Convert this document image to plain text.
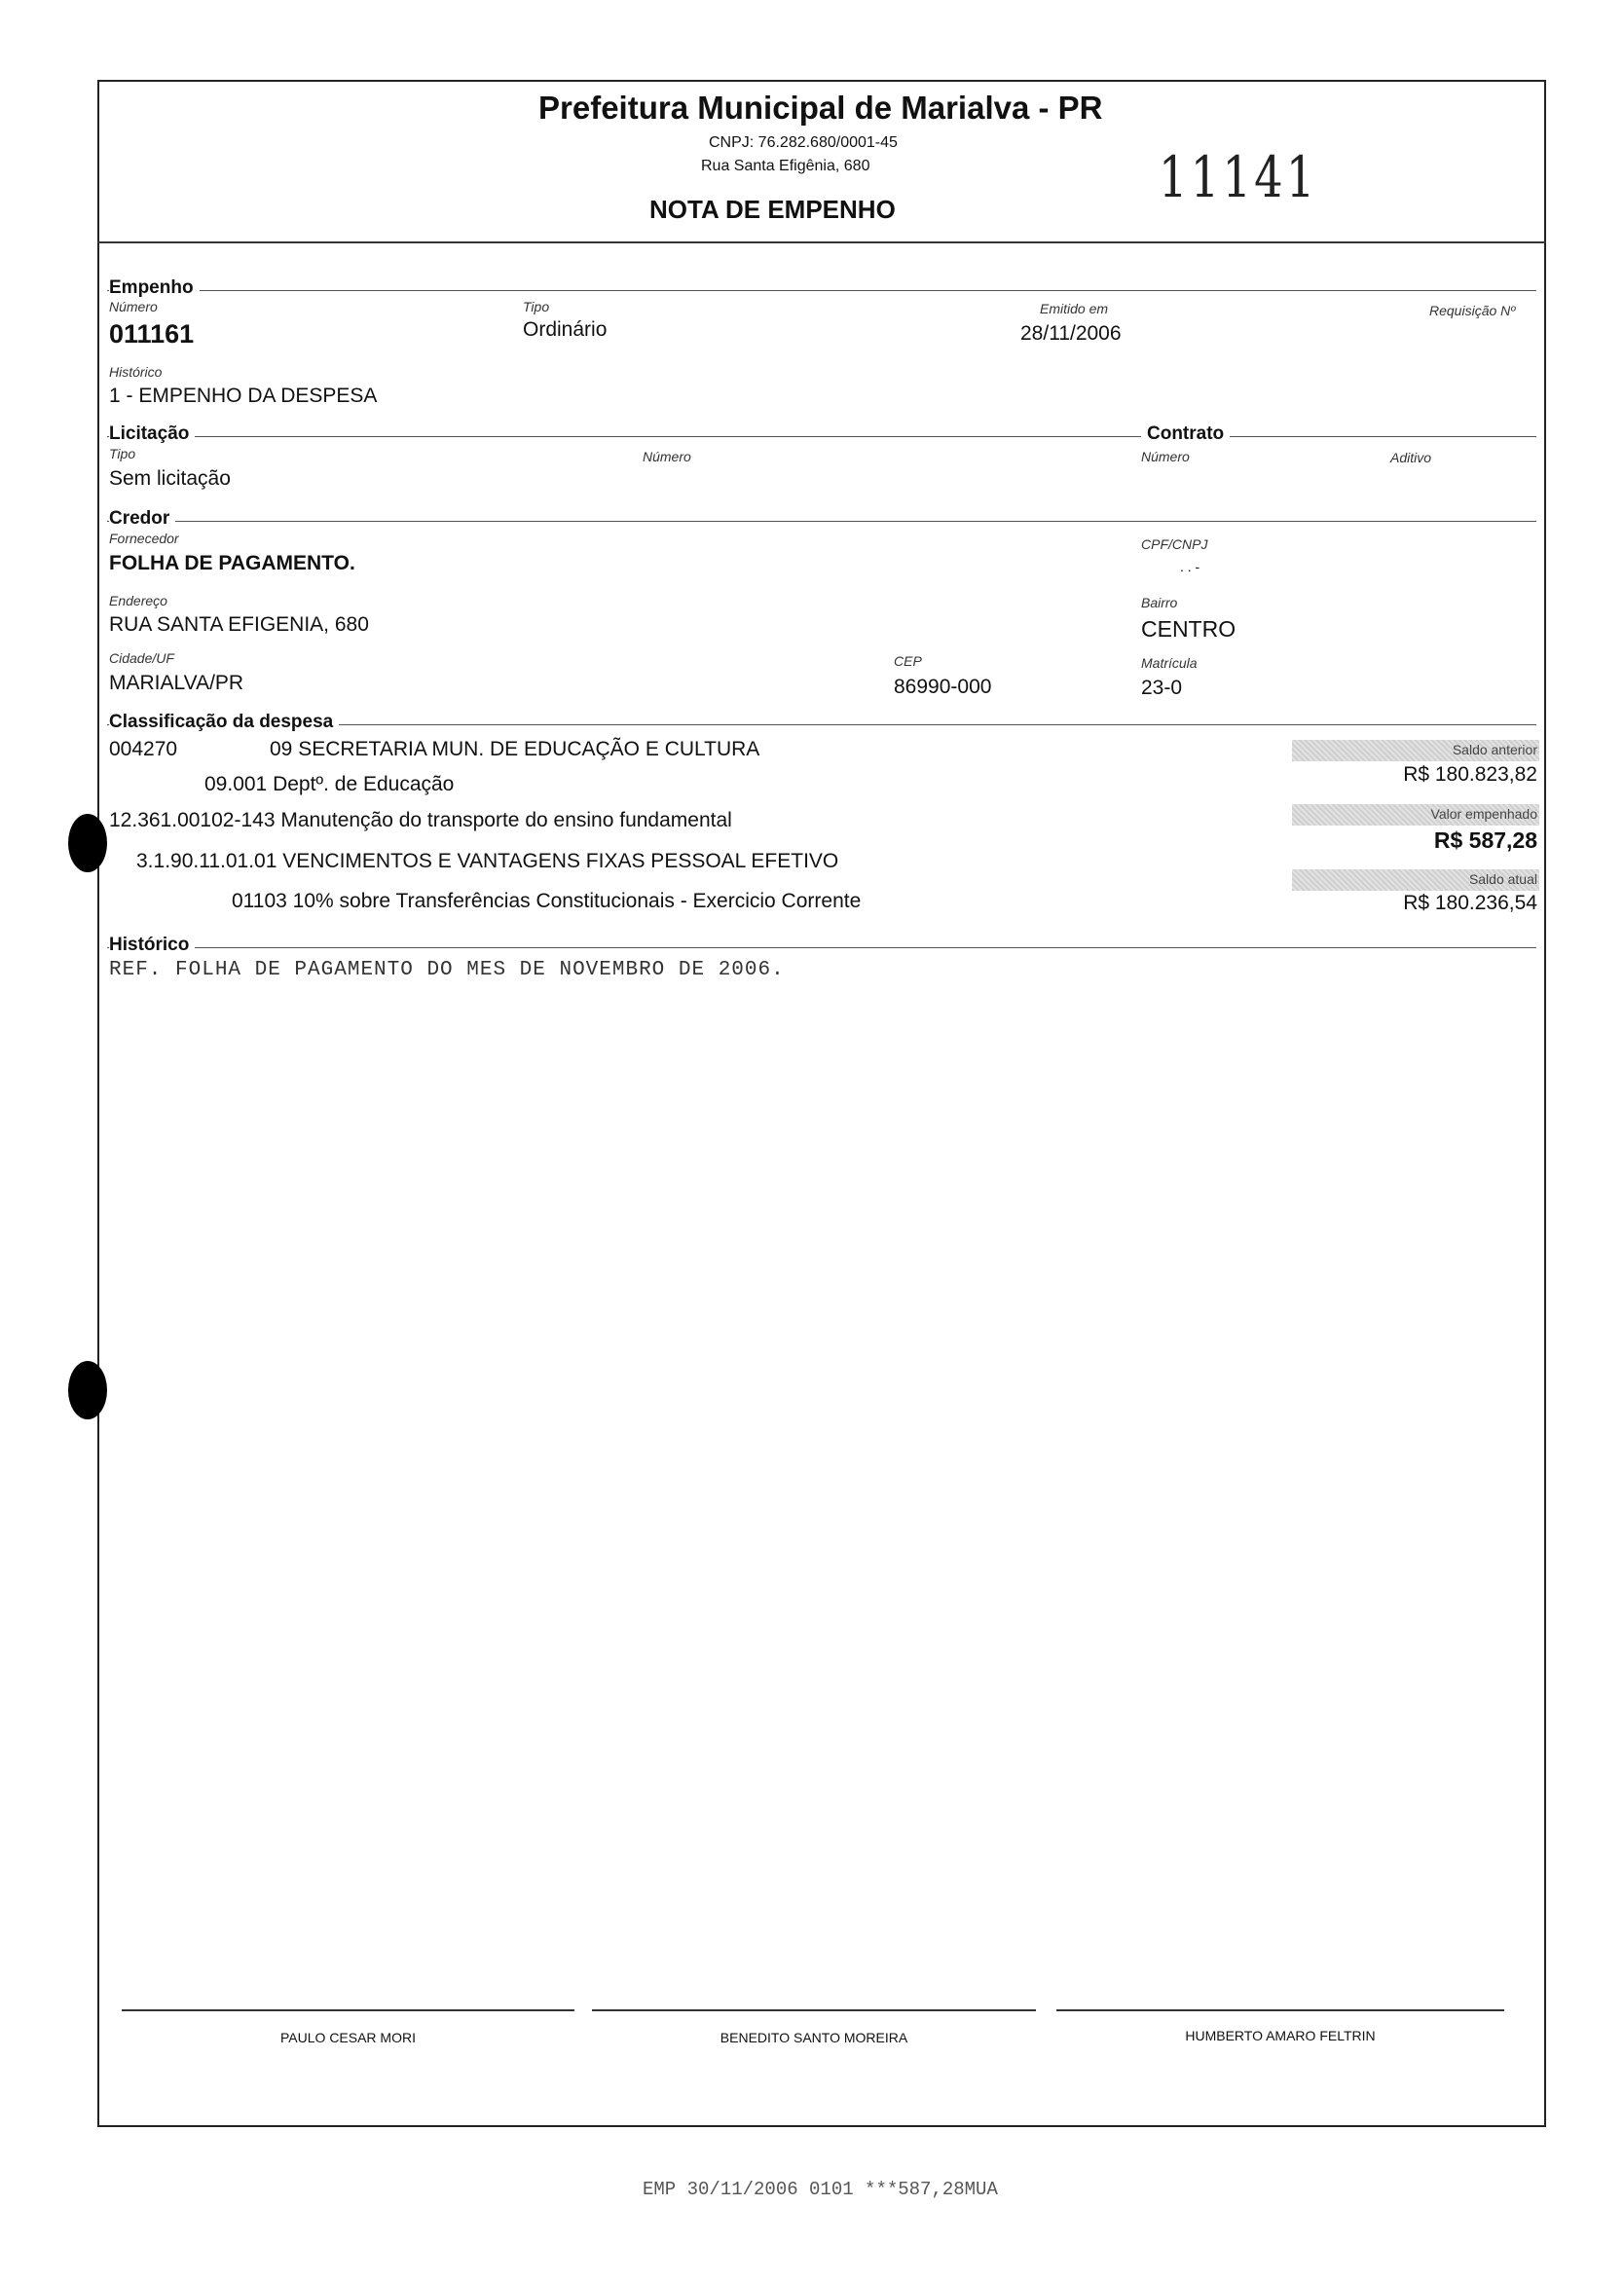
Prefeitura Municipal de Marialva - PR
CNPJ: 76.282.680/0001-45
Rua Santa Efigênia, 680
NOTA DE EMPENHO	11141
Empenho
Número
011161
Tipo
Ordinário
Emitido em
28/11/2006
Requisição Nº
Histórico
1 - EMPENHO DA DESPESA
Licitação	Contrato
Tipo
Sem licitação
Número	Número	Aditivo
Credor
Fornecedor
FOLHA DE PAGAMENTO.
CPF/CNPJ
. . -
Endereço
RUA SANTA EFIGENIA, 680
Bairro
CENTRO
Cidade/UF
MARIALVA/PR
CEP
86990-000
Matrícula
23-0
Classificação da despesa
004270	09 SECRETARIA MUN. DE EDUCAÇÃO E CULTURA
09.001 Deptº. de Educação
12.361.00102-143 Manutenção do transporte do ensino fundamental
3.1.90.11.01.01 VENCIMENTOS E VANTAGENS FIXAS PESSOAL EFETIVO
01103 10% sobre Transferências Constitucionais - Exercicio Corrente
Saldo anterior
R$ 180.823,82
Valor empenhado
R$ 587,28
Saldo atual
R$ 180.236,54
Histórico
REF. FOLHA DE PAGAMENTO DO MES DE NOVEMBRO DE 2006.
PAULO CESAR MORI	BENEDITO SANTO MOREIRA	HUMBERTO AMARO FELTRIN
EMP 30/11/2006 0101 ***587,28MUA
